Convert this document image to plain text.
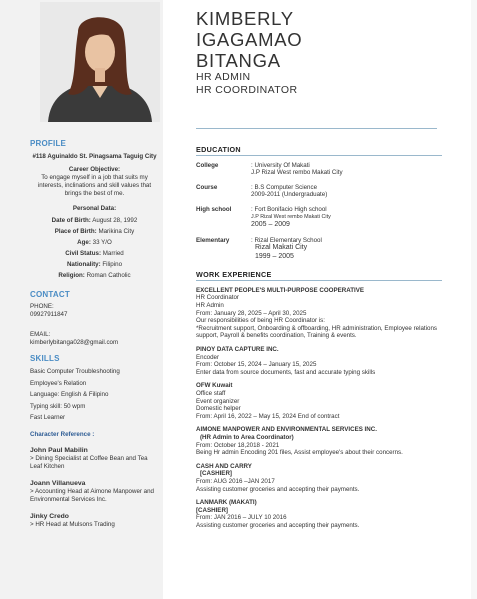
KIMBERLY
IGAGAMAO
BITANGA
HR ADMIN
HR COORDINATOR
PROFILE
#118 Aguinaldo St. Pinagsama Taguig City
Career Objective:
To engage myself in a job that suits my interests, inclinations and skill values that brings the best of me.
Personal Data:
Date of Birth: August 28, 1992
Place of Birth: Marikina City
Age: 33 Y/O
Civil Status: Married
Nationality: Filipino
Religion: Roman Catholic
CONTACT
PHONE:
09927911847
EMAIL:
kimberlybitanga028@gmail.com
SKILLS
Basic Computer Troubleshooting
Employee's Relation
Language: English & Filipino
Typing skill: 50 wpm
Fast Learner
Character Reference :
John Paul Mabilin
> Dining Specialist at Coffee Bean and Tea Leaf Kitchen
Joann Villanueva
> Accounting Head at Aimone Manpower and Environmental Services Inc.
Jinky Credo
> HR Head at Mulsons Trading
EDUCATION
College	: University Of Makati
J.P Rizal West rembo Makati City
Course	: B.S Computer Science
2009-2011 (Undergraduate)
High school	: Fort Bonifacio High school
J.P Rizal West rembo Makati City
2005 – 2009
Elementary	: Rizal Elementary School
Rizal Makati City
1999 – 2005
WORK EXPERIENCE
EXCELLENT PEOPLE'S MULTI-PURPOSE COOPERATIVE
HR Coordinator
HR Admin
From: January 28, 2025 – April 30, 2025
Our responsibilities of being HR Coordinator is:
*Recruitment support, Onboarding & offboarding, HR administration, Employee relations support, Payroll & benefits coordination, Training & events.
PINOY DATA CAPTURE INC.
Encoder
From: October 15, 2024 – January 15, 2025
Enter data from source documents, fast and accurate typing skills
OFW Kuwait
Office staff
Event organizer
Domestic helper
From: April 16, 2022 – May 15, 2024 End of contract
AIMONE MANPOWER AND ENVIRONMENTAL SERVICES INC.
(HR Admin to Area Coordinator)
From: October 18,2018 - 2021
Being Hr admin Encoding 201 files, Assist employee's about their concerns.
CASH AND CARRY
[CASHIER]
From: AUG 2016 –JAN 2017
Assisting customer groceries and accepting their payments.
LANMARK (MAKATI)
[CASHIER]
From: JAN 2016 – JULY 10 2016
Assisting customer groceries and accepting their payments.
